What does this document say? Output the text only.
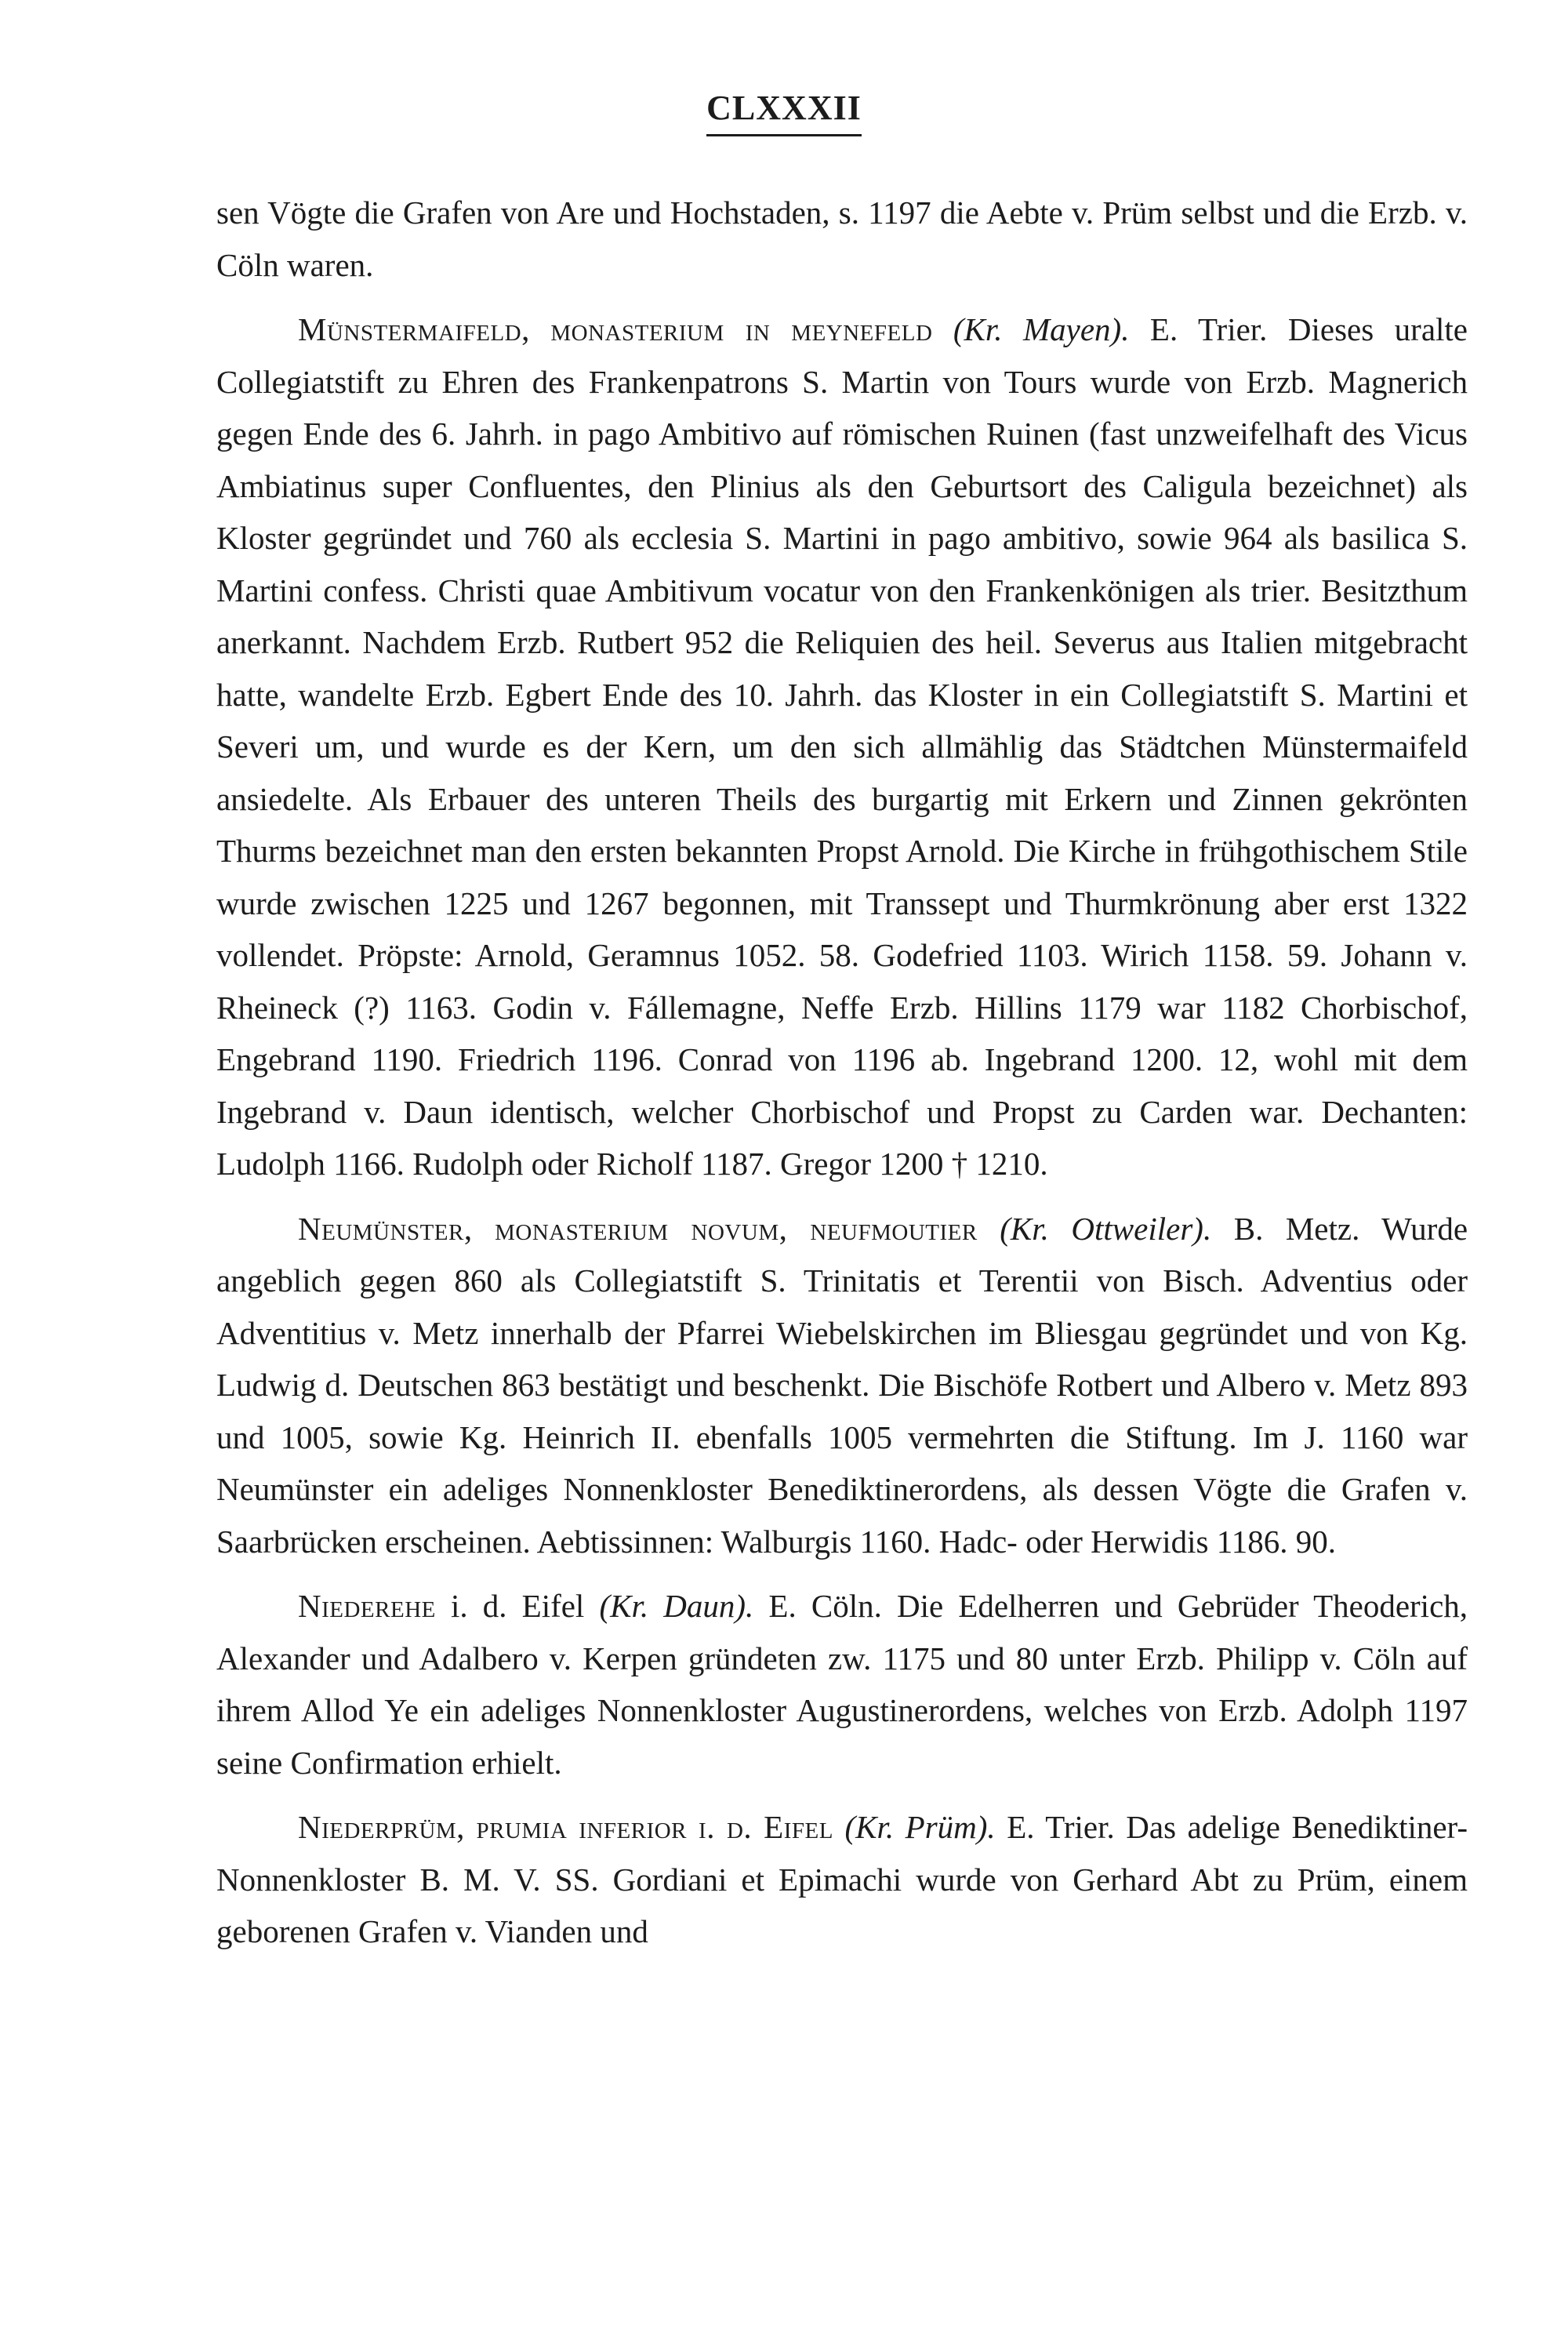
CLXXXII

sen Vögte die Grafen von Are und Hochstaden, s. 1197 die Aebte v. Prüm selbst und die Erzb. v. Cöln waren.

Münstermaifeld, monasterium in meynefeld (Kr. Mayen). E. Trier. Dieses uralte Collegiatstift zu Ehren des Frankenpatrons S. Martin von Tours wurde von Erzb. Magnerich gegen Ende des 6. Jahrh. in pago Ambitivo auf römischen Ruinen (fast unzweifelhaft des Vicus Ambiatinus super Confluentes, den Plinius als den Geburtsort des Caligula bezeichnet) als Kloster gegründet und 760 als ecclesia S. Martini in pago ambitivo, sowie 964 als basilica S. Martini confess. Christi quae Ambitivum vocatur von den Frankenkönigen als trier. Besitzthum anerkannt. Nachdem Erzb. Rutbert 952 die Reliquien des heil. Severus aus Italien mitgebracht hatte, wandelte Erzb. Egbert Ende des 10. Jahrh. das Kloster in ein Collegiatstift S. Martini et Severi um, und wurde es der Kern, um den sich allmählig das Städtchen Münstermaifeld ansiedelte. Als Erbauer des unteren Theils des burgartig mit Erkern und Zinnen gekrönten Thurms bezeichnet man den ersten bekannten Propst Arnold. Die Kirche in frühgothischem Stile wurde zwischen 1225 und 1267 begonnen, mit Transsept und Thurmkrönung aber erst 1322 vollendet. Pröpste: Arnold, Geramnus 1052. 58. Godefried 1103. Wirich 1158. 59. Johann v. Rheineck (?) 1163. Godin v. Fállemagne, Neffe Erzb. Hillins 1179 war 1182 Chorbischof, Engebrand 1190. Friedrich 1196. Conrad von 1196 ab. Ingebrand 1200. 12, wohl mit dem Ingebrand v. Daun identisch, welcher Chorbischof und Propst zu Carden war. Dechanten: Ludolph 1166. Rudolph oder Richolf 1187. Gregor 1200 † 1210.

Neumünster, monasterium novum, neufmoutier (Kr. Ottweiler). B. Metz. Wurde angeblich gegen 860 als Collegiatstift S. Trinitatis et Terentii von Bisch. Adventius oder Adventitius v. Metz innerhalb der Pfarrei Wiebelskirchen im Bliesgau gegründet und von Kg. Ludwig d. Deutschen 863 bestätigt und beschenkt. Die Bischöfe Rotbert und Albero v. Metz 893 und 1005, sowie Kg. Heinrich II. ebenfalls 1005 vermehrten die Stiftung. Im J. 1160 war Neumünster ein adeliges Nonnenkloster Benediktinerordens, als dessen Vögte die Grafen v. Saarbrücken erscheinen. Aebtissinnen: Walburgis 1160. Hadc- oder Herwidis 1186. 90.

Niederehe i. d. Eifel (Kr. Daun). E. Cöln. Die Edelherren und Gebrüder Theoderich, Alexander und Adalbero v. Kerpen gründeten zw. 1175 und 80 unter Erzb. Philipp v. Cöln auf ihrem Allod Ye ein adeliges Nonnenkloster Augustinerordens, welches von Erzb. Adolph 1197 seine Confirmation erhielt.

Niederprüm, prumia inferior i. d. Eifel (Kr. Prüm). E. Trier. Das adelige Benediktiner-Nonnenkloster B. M. V. SS. Gordiani et Epimachi wurde von Gerhard Abt zu Prüm, einem geborenen Grafen v. Vianden und
